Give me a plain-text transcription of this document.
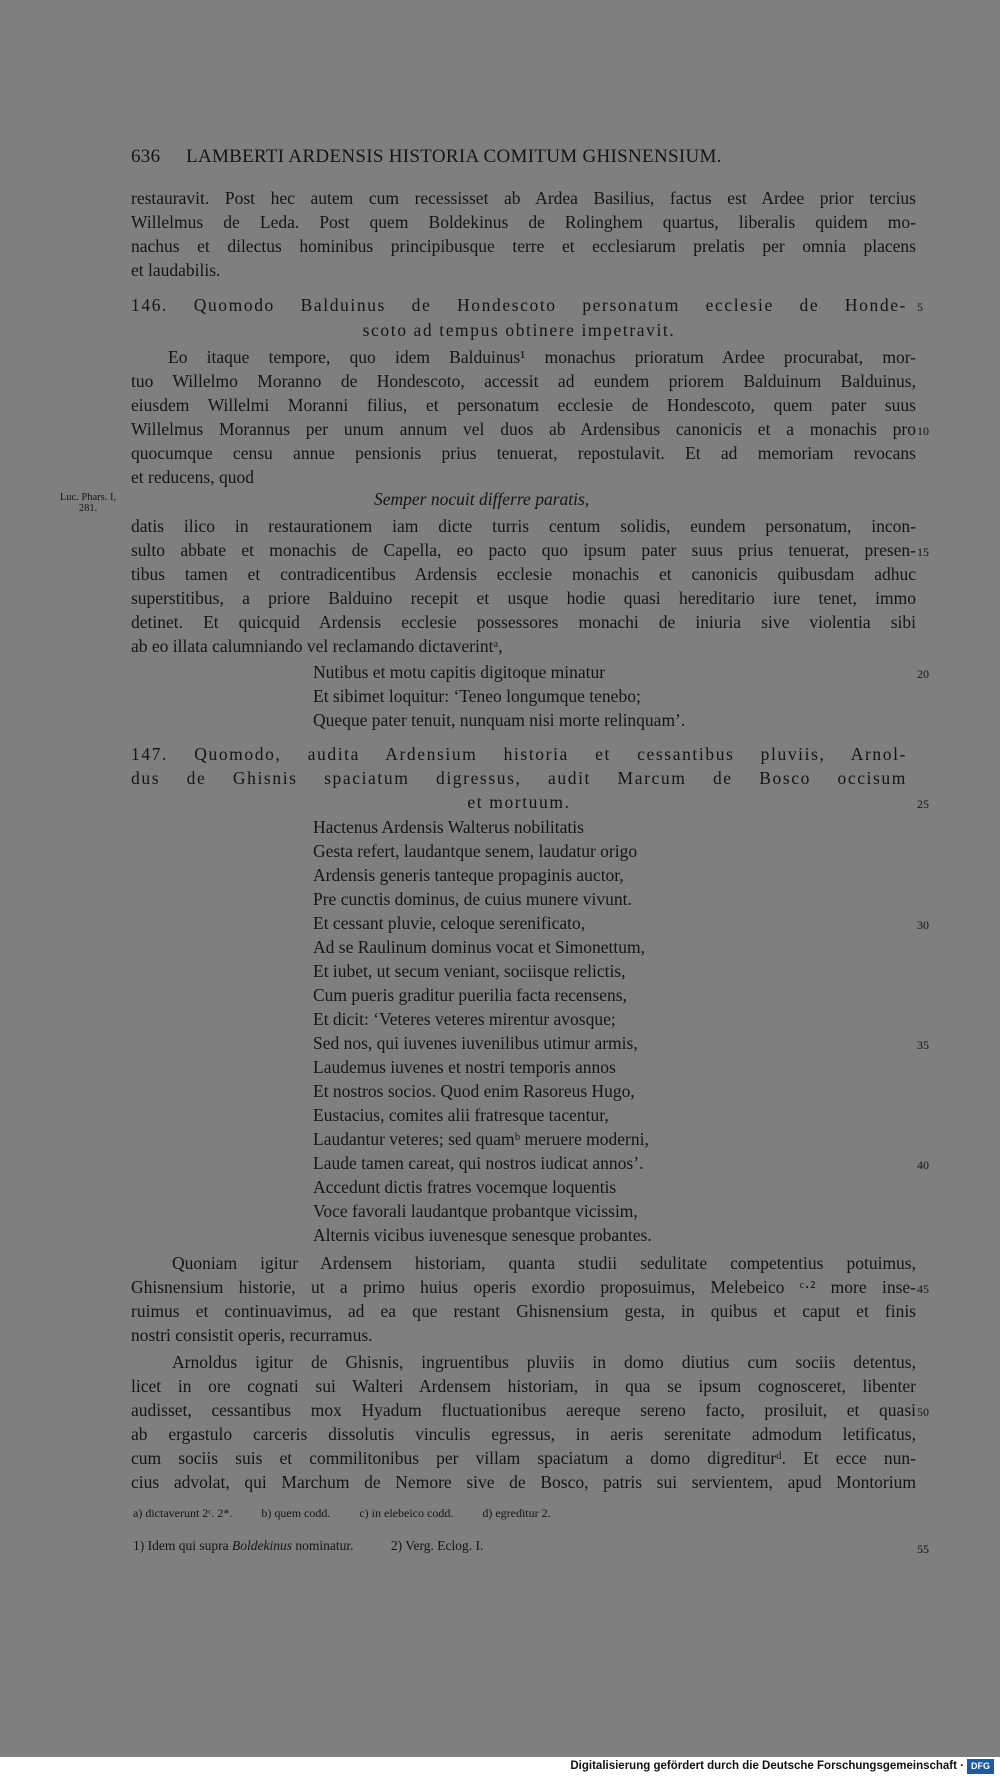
636 LAMBERTI ARDENSIS HISTORIA COMITUM GHISNENSIUM.
restauravit. Post hec autem cum recessisset ab Ardea Basilius, factus est Ardee prior tercius
Willelmus de Leda. Post quem Boldekinus de Rolinghem quartus, liberalis quidem mo-
nachus et dilectus hominibus principibusque terre et ecclesiarum prelatis per omnia placens
et laudabilis.
146. Quomodo Balduinus de Hondescoto personatum ecclesie de Honde-
scoto ad tempus obtinere impetravit.
Eo itaque tempore, quo idem Balduinus¹ monachus prioratum Ardee procurabat, mor-
tuo Willelmo Moranno de Hondescoto, accessit ad eundem priorem Balduinum Balduinus,
eiusdem Willelmi Moranni filius, et personatum ecclesie de Hondescoto, quem pater suus
Willelmus Morannus per unum annum vel duos ab Ardensibus canonicis et a monachis pro
quocumque censu annue pensionis prius tenuerat, repostulavit. Et ad memoriam revocans
et reducens, quod
Luc. Phars. I, 281.	Semper nocuit differre paratis,
datis ilico in restaurationem iam dicte turris centum solidis, eundem personatum, incon-
sulto abbate et monachis de Capella, eo pacto quo ipsum pater suus prius tenuerat, presen-
tibus tamen et contradicentibus Ardensis ecclesie monachis et canonicis quibusdam adhuc
superstitibus, a priore Balduino recepit et usque hodie quasi hereditario iure tenet, immo
detinet. Et quicquid Ardensis ecclesie possessores monachi de iniuria sive violentia sibi
ab eo illata calumniando vel reclamando dictaverintᵃ,
Nutibus et motu capitis digitoque minatur
Et sibimet loquitur: ‘Teneo longumque tenebo;
Queque pater tenuit, nunquam nisi morte relinquam’.
147. Quomodo, audita Ardensium historia et cessantibus pluviis, Arnol-
dus de Ghisnis spaciatum digressus, audit Marcum de Bosco occisum
et mortuum.
Hactenus Ardensis Walterus nobilitatis
Gesta refert, laudantque senem, laudatur origo
Ardensis generis tanteque propaginis auctor,
Pre cunctis dominus, de cuius munere vivunt.
Et cessant pluvie, celoque serenificato,
Ad se Raulinum dominus vocat et Simonettum,
Et iubet, ut secum veniant, sociisque relictis,
Cum pueris graditur puerilia facta recensens,
Et dicit: ‘Veteres veteres mirentur avosque;
Sed nos, qui iuvenes iuvenilibus utimur armis,
Laudemus iuvenes et nostri temporis annos
Et nostros socios. Quod enim Rasoreus Hugo,
Eustacius, comites alii fratresque tacentur,
Laudantur veteres; sed quamᵇ meruere moderni,
Laude tamen careat, qui nostros iudicat annos’.
Accedunt dictis fratres vocemque loquentis
Voce favorali laudantque probantque vicissim,
Alternis vicibus iuvenesque senesque probantes.
Quoniam igitur Ardensem historiam, quanta studii sedulitate competentius potuimus,
Ghisnensium historie, ut a primo huius operis exordio proposuimus, Melebeico ᶜ·² more inse-
ruimus et continuavimus, ad ea que restant Ghisnensium gesta, in quibus et caput et finis
nostri consistit operis, recurramus.
Arnoldus igitur de Ghisnis, ingruentibus pluviis in domo diutius cum sociis detentus,
licet in ore cognati sui Walteri Ardensem historiam, in qua se ipsum cognosceret, libenter
audisset, cessantibus mox Hyadum fluctuationibus aereque sereno facto, prosiluit, et quasi
ab ergastulo carceris dissolutis vinculis egressus, in aeris serenitate admodum letificatus,
cum sociis suis et commilitonibus per villam spaciatum a domo digrediturᵈ. Et ecce nun-
cius advolat, qui Marchum de Nemore sive de Bosco, patris sui servientem, apud Montorium
5
10
15
20
25
30
35
40
45
50
55
a) dictaverunt 2ᶜ. 2*. b) quem codd. c) in elebeico codd. d) egreditur 2.
1) Idem qui supra Boldekinus nominatur.	2) Verg. Eclog. I.
Digitalisierung gefördert durch die Deutsche Forschungsgemeinschaft · DFG
